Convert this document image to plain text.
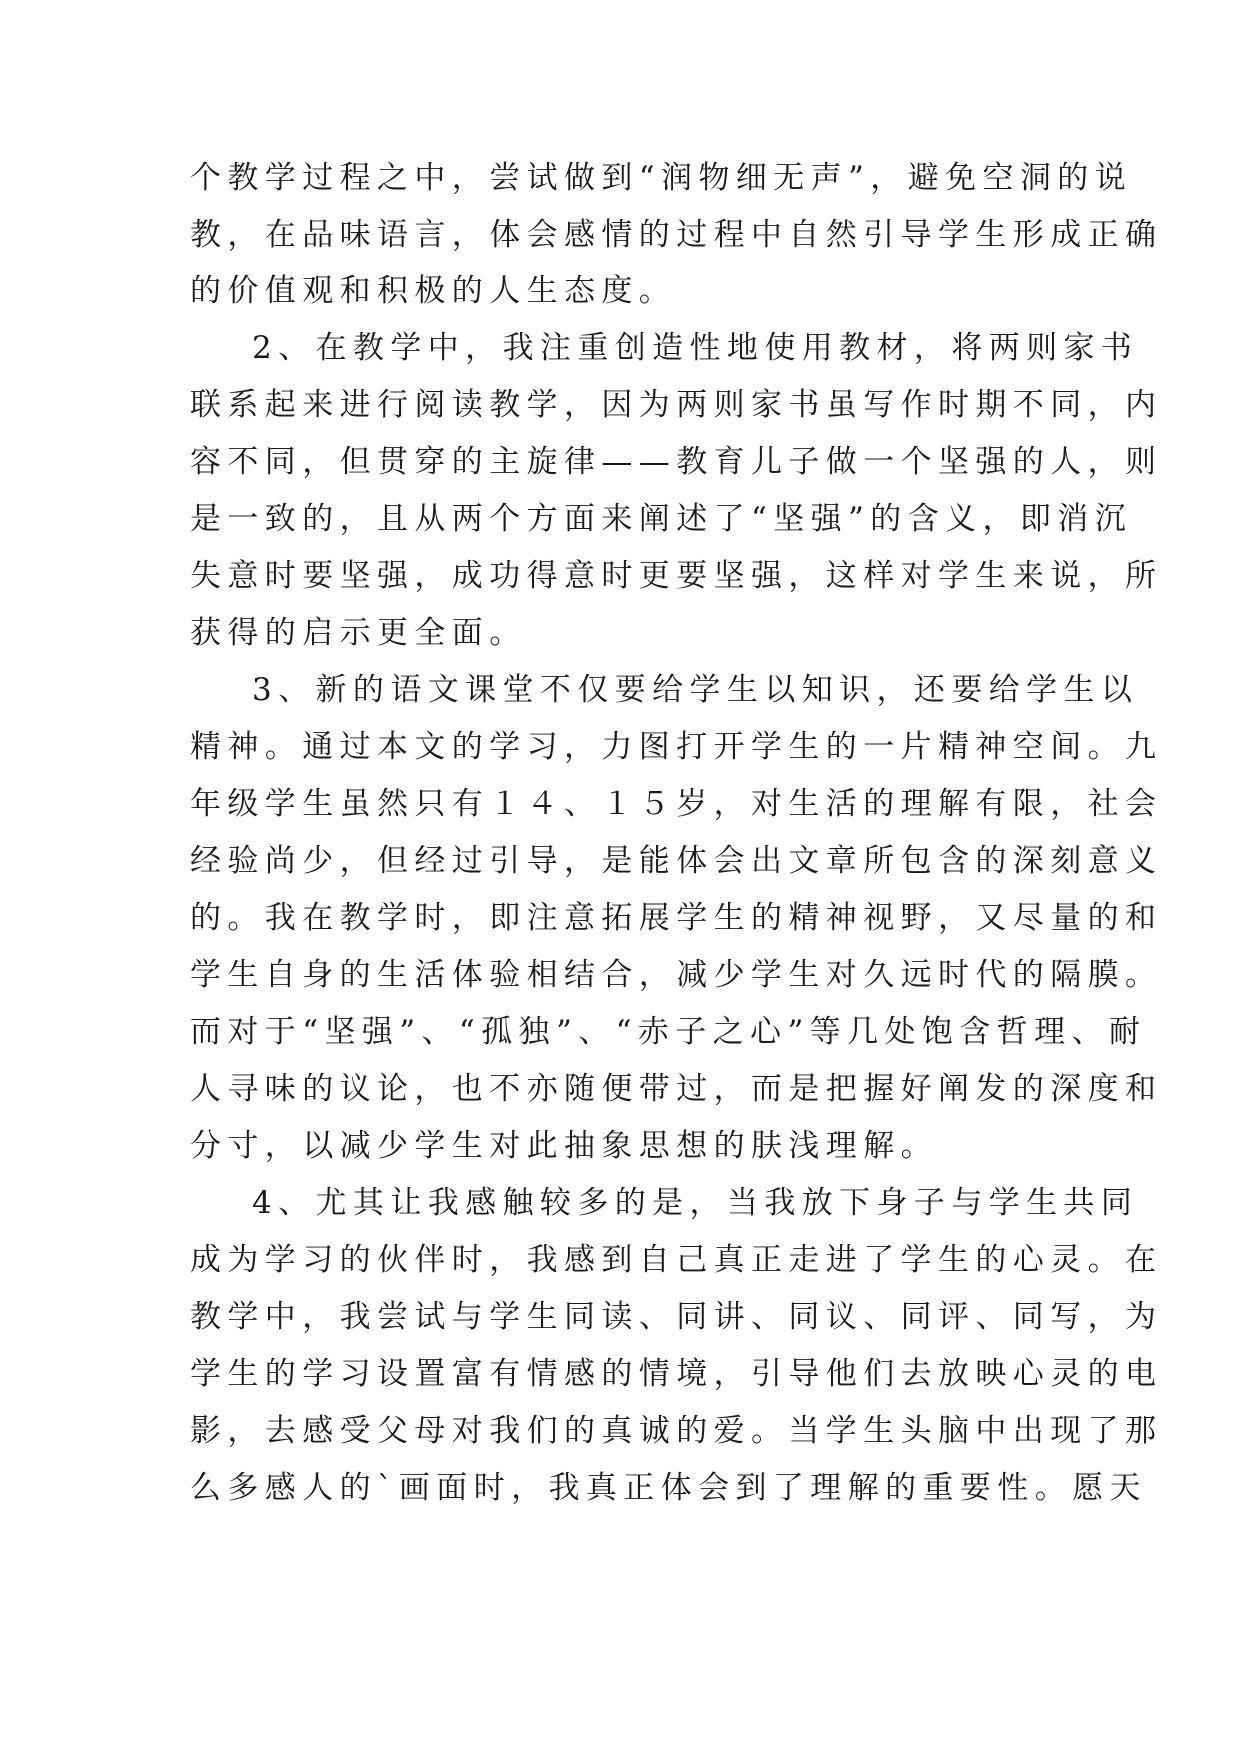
个教学过程之中，尝试做到“润物细无声”，避免空洞的说
教，在品味语言，体会感情的过程中自然引导学生形成正确
的价值观和积极的人生态度。
2、在教学中，我注重创造性地使用教材，将两则家书
联系起来进行阅读教学，因为两则家书虽写作时期不同，内
容不同，但贯穿的主旋律——教育儿子做一个坚强的人，则
是一致的，且从两个方面来阐述了“坚强”的含义，即消沉
失意时要坚强，成功得意时更要坚强，这样对学生来说，所
获得的启示更全面。
3、新的语文课堂不仅要给学生以知识，还要给学生以
精神。通过本文的学习，力图打开学生的一片精神空间。九
年级学生虽然只有１４、１５岁，对生活的理解有限，社会
经验尚少，但经过引导，是能体会出文章所包含的深刻意义
的。我在教学时，即注意拓展学生的精神视野，又尽量的和
学生自身的生活体验相结合，减少学生对久远时代的隔膜。
而对于“坚强”、“孤独”、“赤子之心”等几处饱含哲理、耐
人寻味的议论，也不亦随便带过，而是把握好阐发的深度和
分寸，以减少学生对此抽象思想的肤浅理解。
4、尤其让我感触较多的是，当我放下身子与学生共同
成为学习的伙伴时，我感到自己真正走进了学生的心灵。在
教学中，我尝试与学生同读、同讲、同议、同评、同写，为
学生的学习设置富有情感的情境，引导他们去放映心灵的电
影，去感受父母对我们的真诚的爱。当学生头脑中出现了那
么多感人的`画面时，我真正体会到了理解的重要性。愿天
